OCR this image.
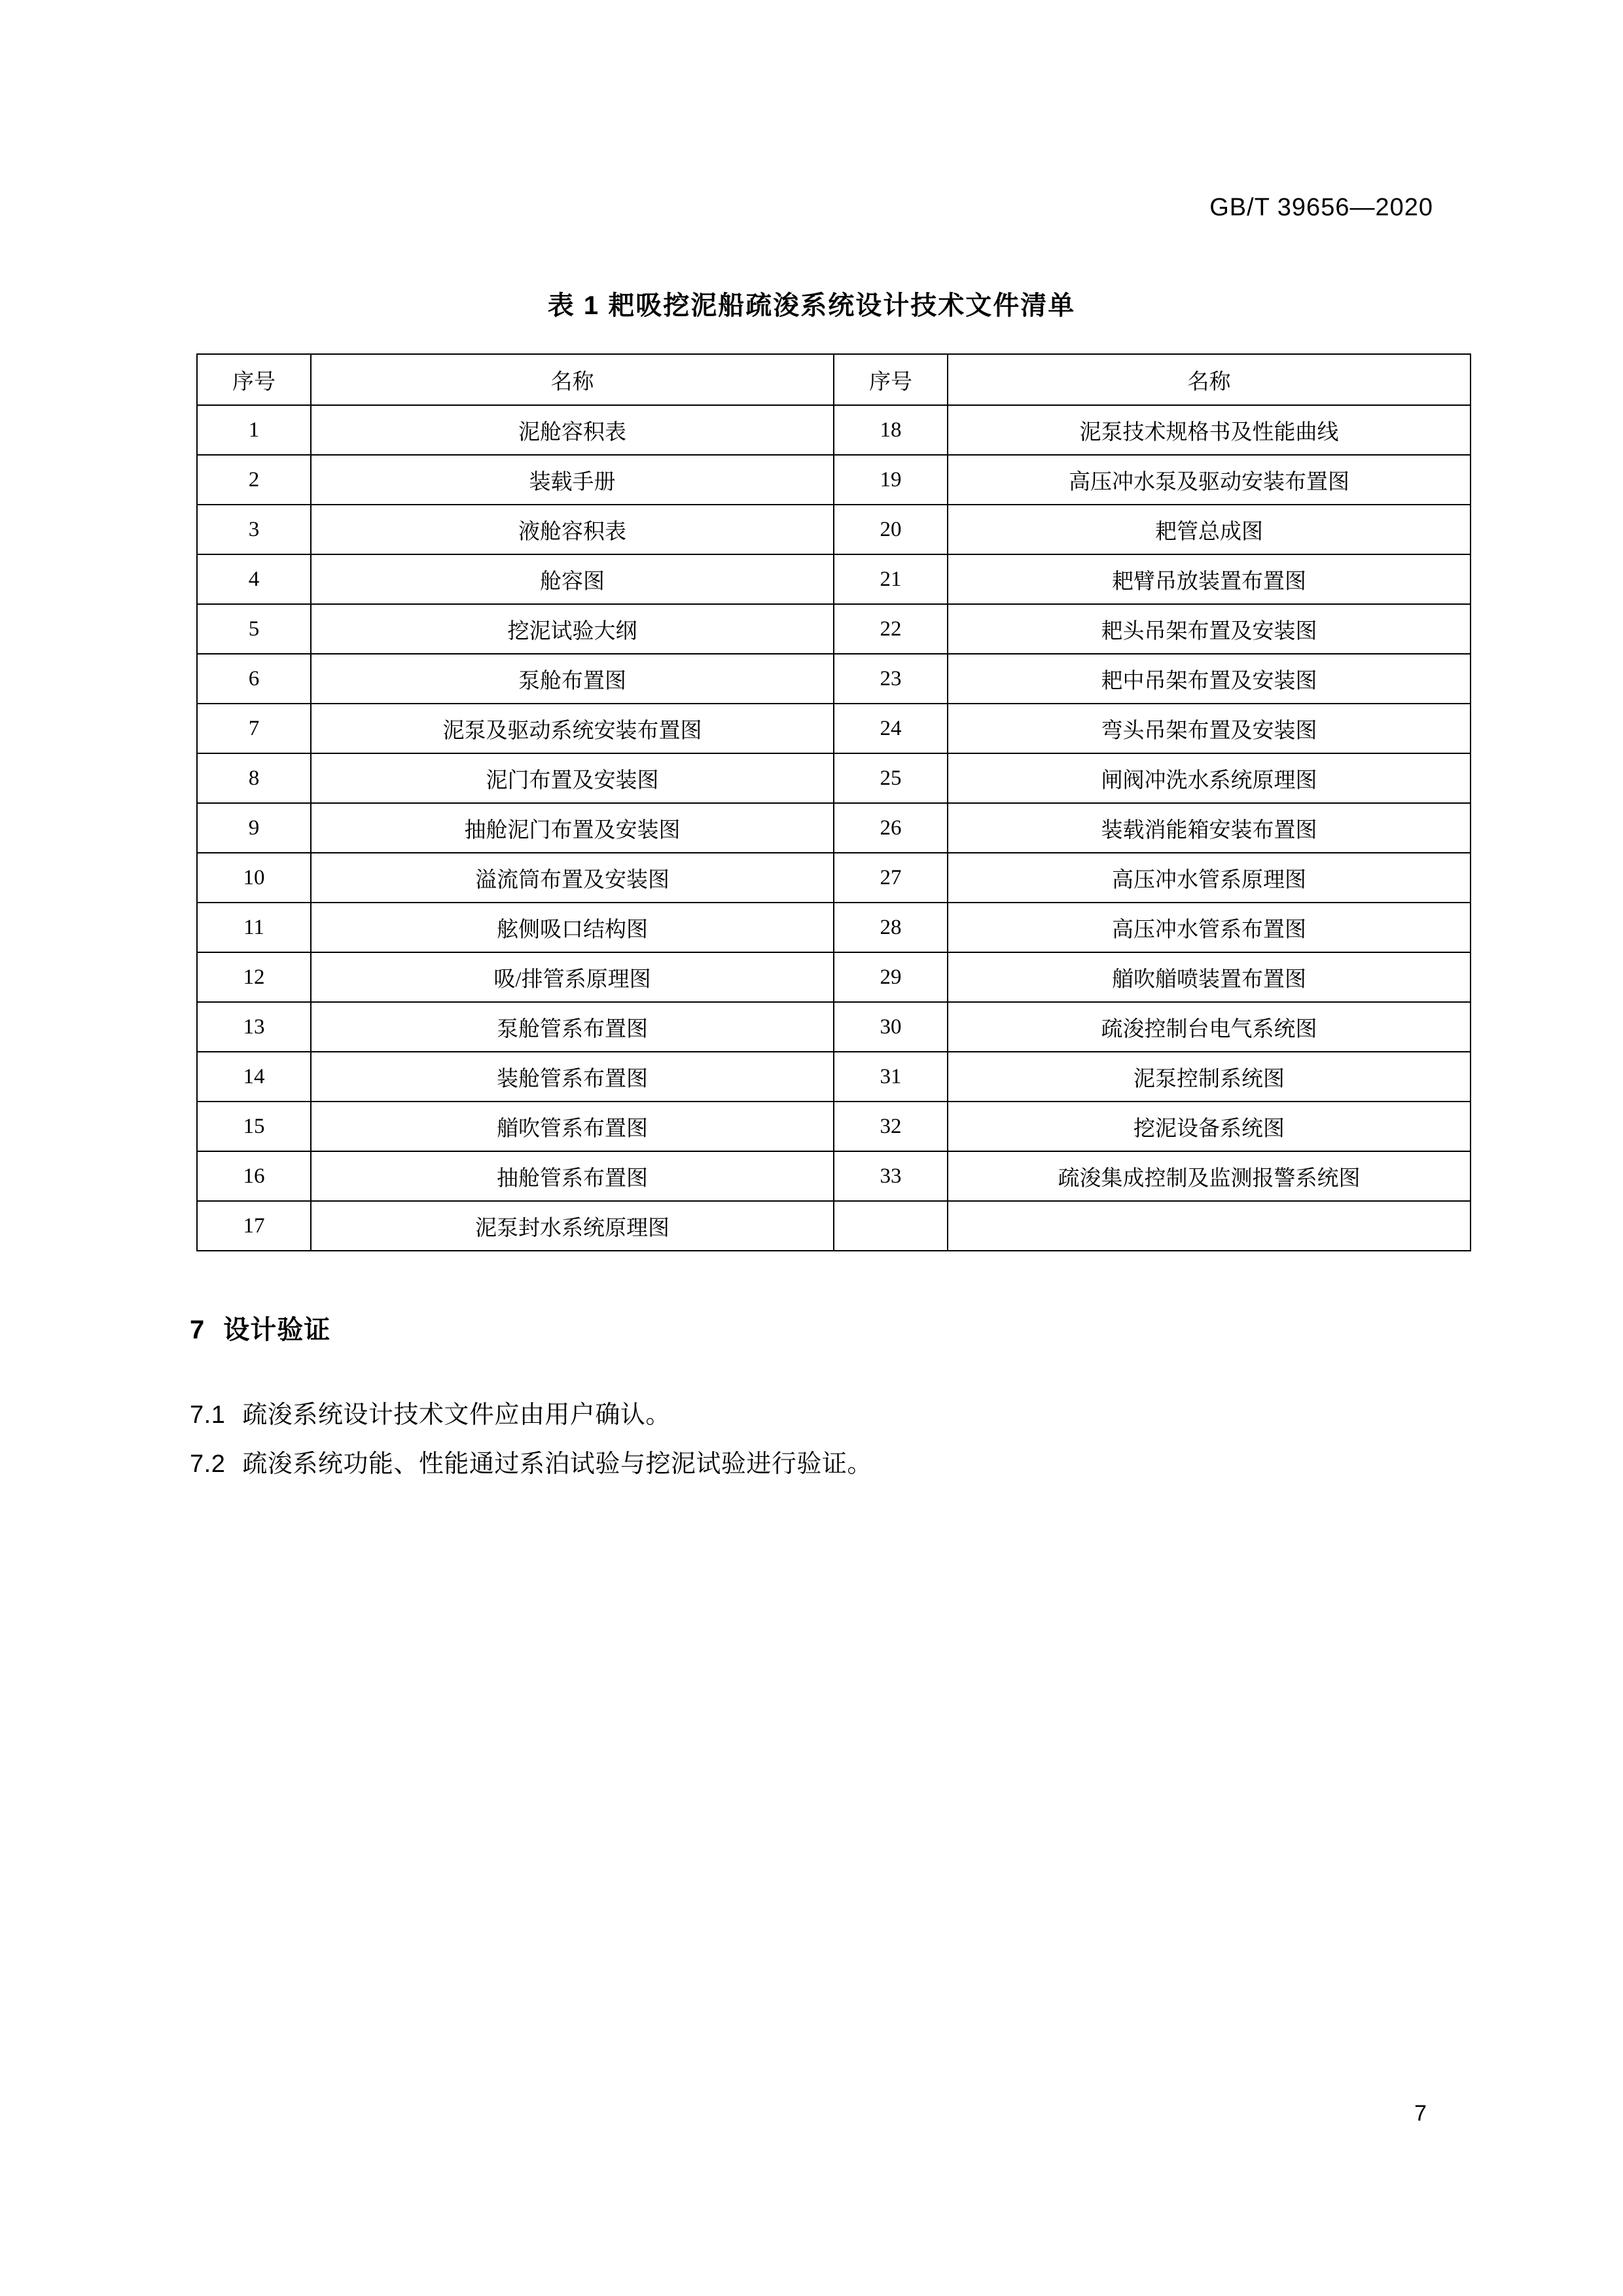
GB/T 39656—2020
表 1 耙吸挖泥船疏浚系统设计技术文件清单
序号	名称	序号	名称
1	泥舱容积表	18	泥泵技术规格书及性能曲线
2	装载手册	19	高压冲水泵及驱动安装布置图
3	液舱容积表	20	耙管总成图
4	舱容图	21	耙臂吊放装置布置图
5	挖泥试验大纲	22	耙头吊架布置及安装图
6	泵舱布置图	23	耙中吊架布置及安装图
7	泥泵及驱动系统安装布置图	24	弯头吊架布置及安装图
8	泥门布置及安装图	25	闸阀冲洗水系统原理图
9	抽舱泥门布置及安装图	26	装载消能箱安装布置图
10	溢流筒布置及安装图	27	高压冲水管系原理图
11	舷侧吸口结构图	28	高压冲水管系布置图
12	吸/排管系原理图	29	艏吹艏喷装置布置图
13	泵舱管系布置图	30	疏浚控制台电气系统图
14	装舱管系布置图	31	泥泵控制系统图
15	艏吹管系布置图	32	挖泥设备系统图
16	抽舱管系布置图	33	疏浚集成控制及监测报警系统图
17	泥泵封水系统原理图		
7 设计验证
7.1 疏浚系统设计技术文件应由用户确认。
7.2 疏浚系统功能、性能通过系泊试验与挖泥试验进行验证。
7
